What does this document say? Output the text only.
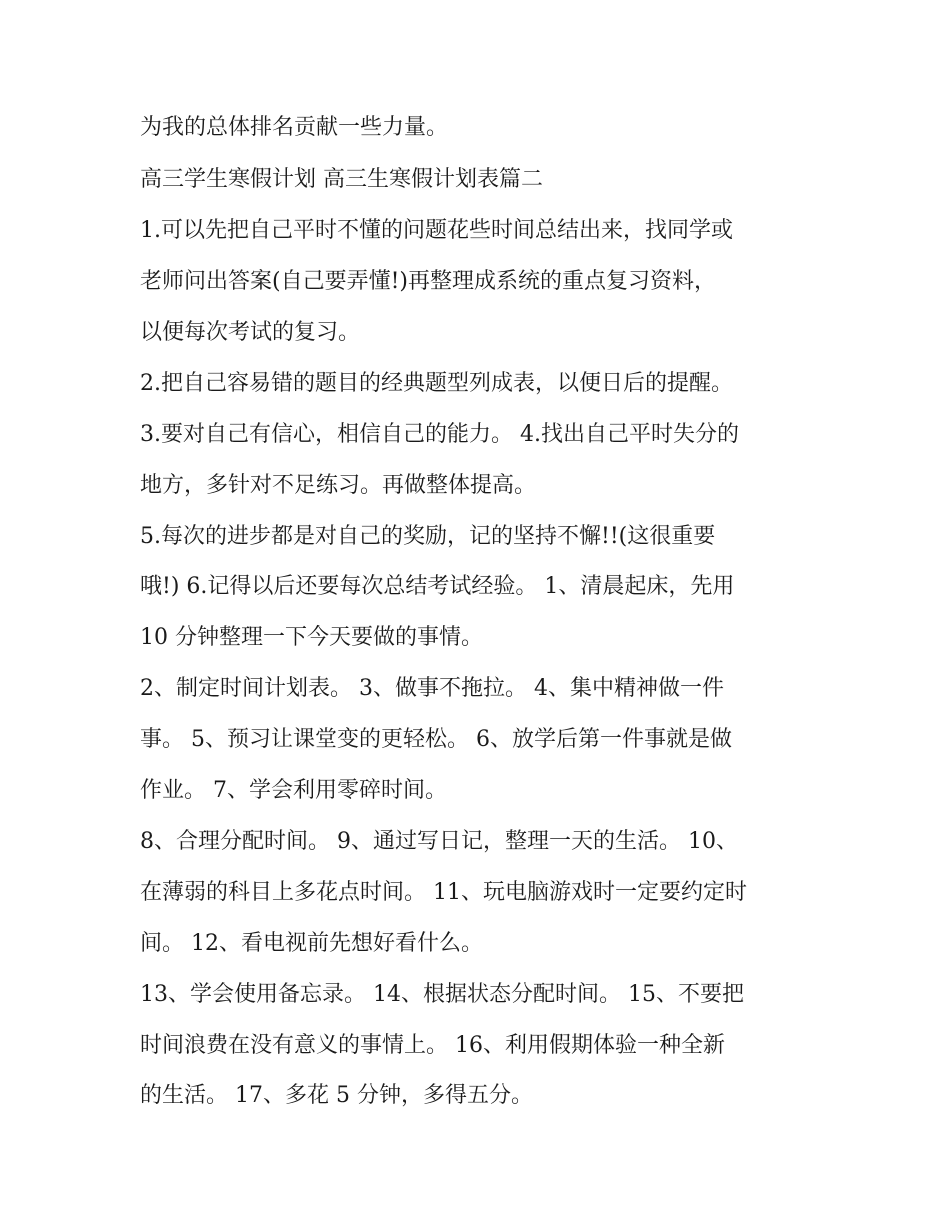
为我的总体排名贡献一些力量。
高三学生寒假计划 高三生寒假计划表篇二
1.可以先把自己平时不懂的问题花些时间总结出来，找同学或
老师问出答案(自己要弄懂!)再整理成系统的重点复习资料，
以便每次考试的复习。
2.把自己容易错的题目的经典题型列成表，以便日后的提醒。
3.要对自己有信心，相信自己的能力。 4.找出自己平时失分的
地方，多针对不足练习。再做整体提高。
5.每次的进步都是对自己的奖励，记的坚持不懈!!(这很重要
哦!) 6.记得以后还要每次总结考试经验。 1、清晨起床，先用
10 分钟整理一下今天要做的事情。
2、制定时间计划表。 3、做事不拖拉。 4、集中精神做一件
事。 5、预习让课堂变的更轻松。 6、放学后第一件事就是做
作业。 7、学会利用零碎时间。
8、合理分配时间。 9、通过写日记，整理一天的生活。 10、
在薄弱的科目上多花点时间。 11、玩电脑游戏时一定要约定时
间。 12、看电视前先想好看什么。
13、学会使用备忘录。 14、根据状态分配时间。 15、不要把
时间浪费在没有意义的事情上。 16、利用假期体验一种全新
的生活。 17、多花 5 分钟，多得五分。
